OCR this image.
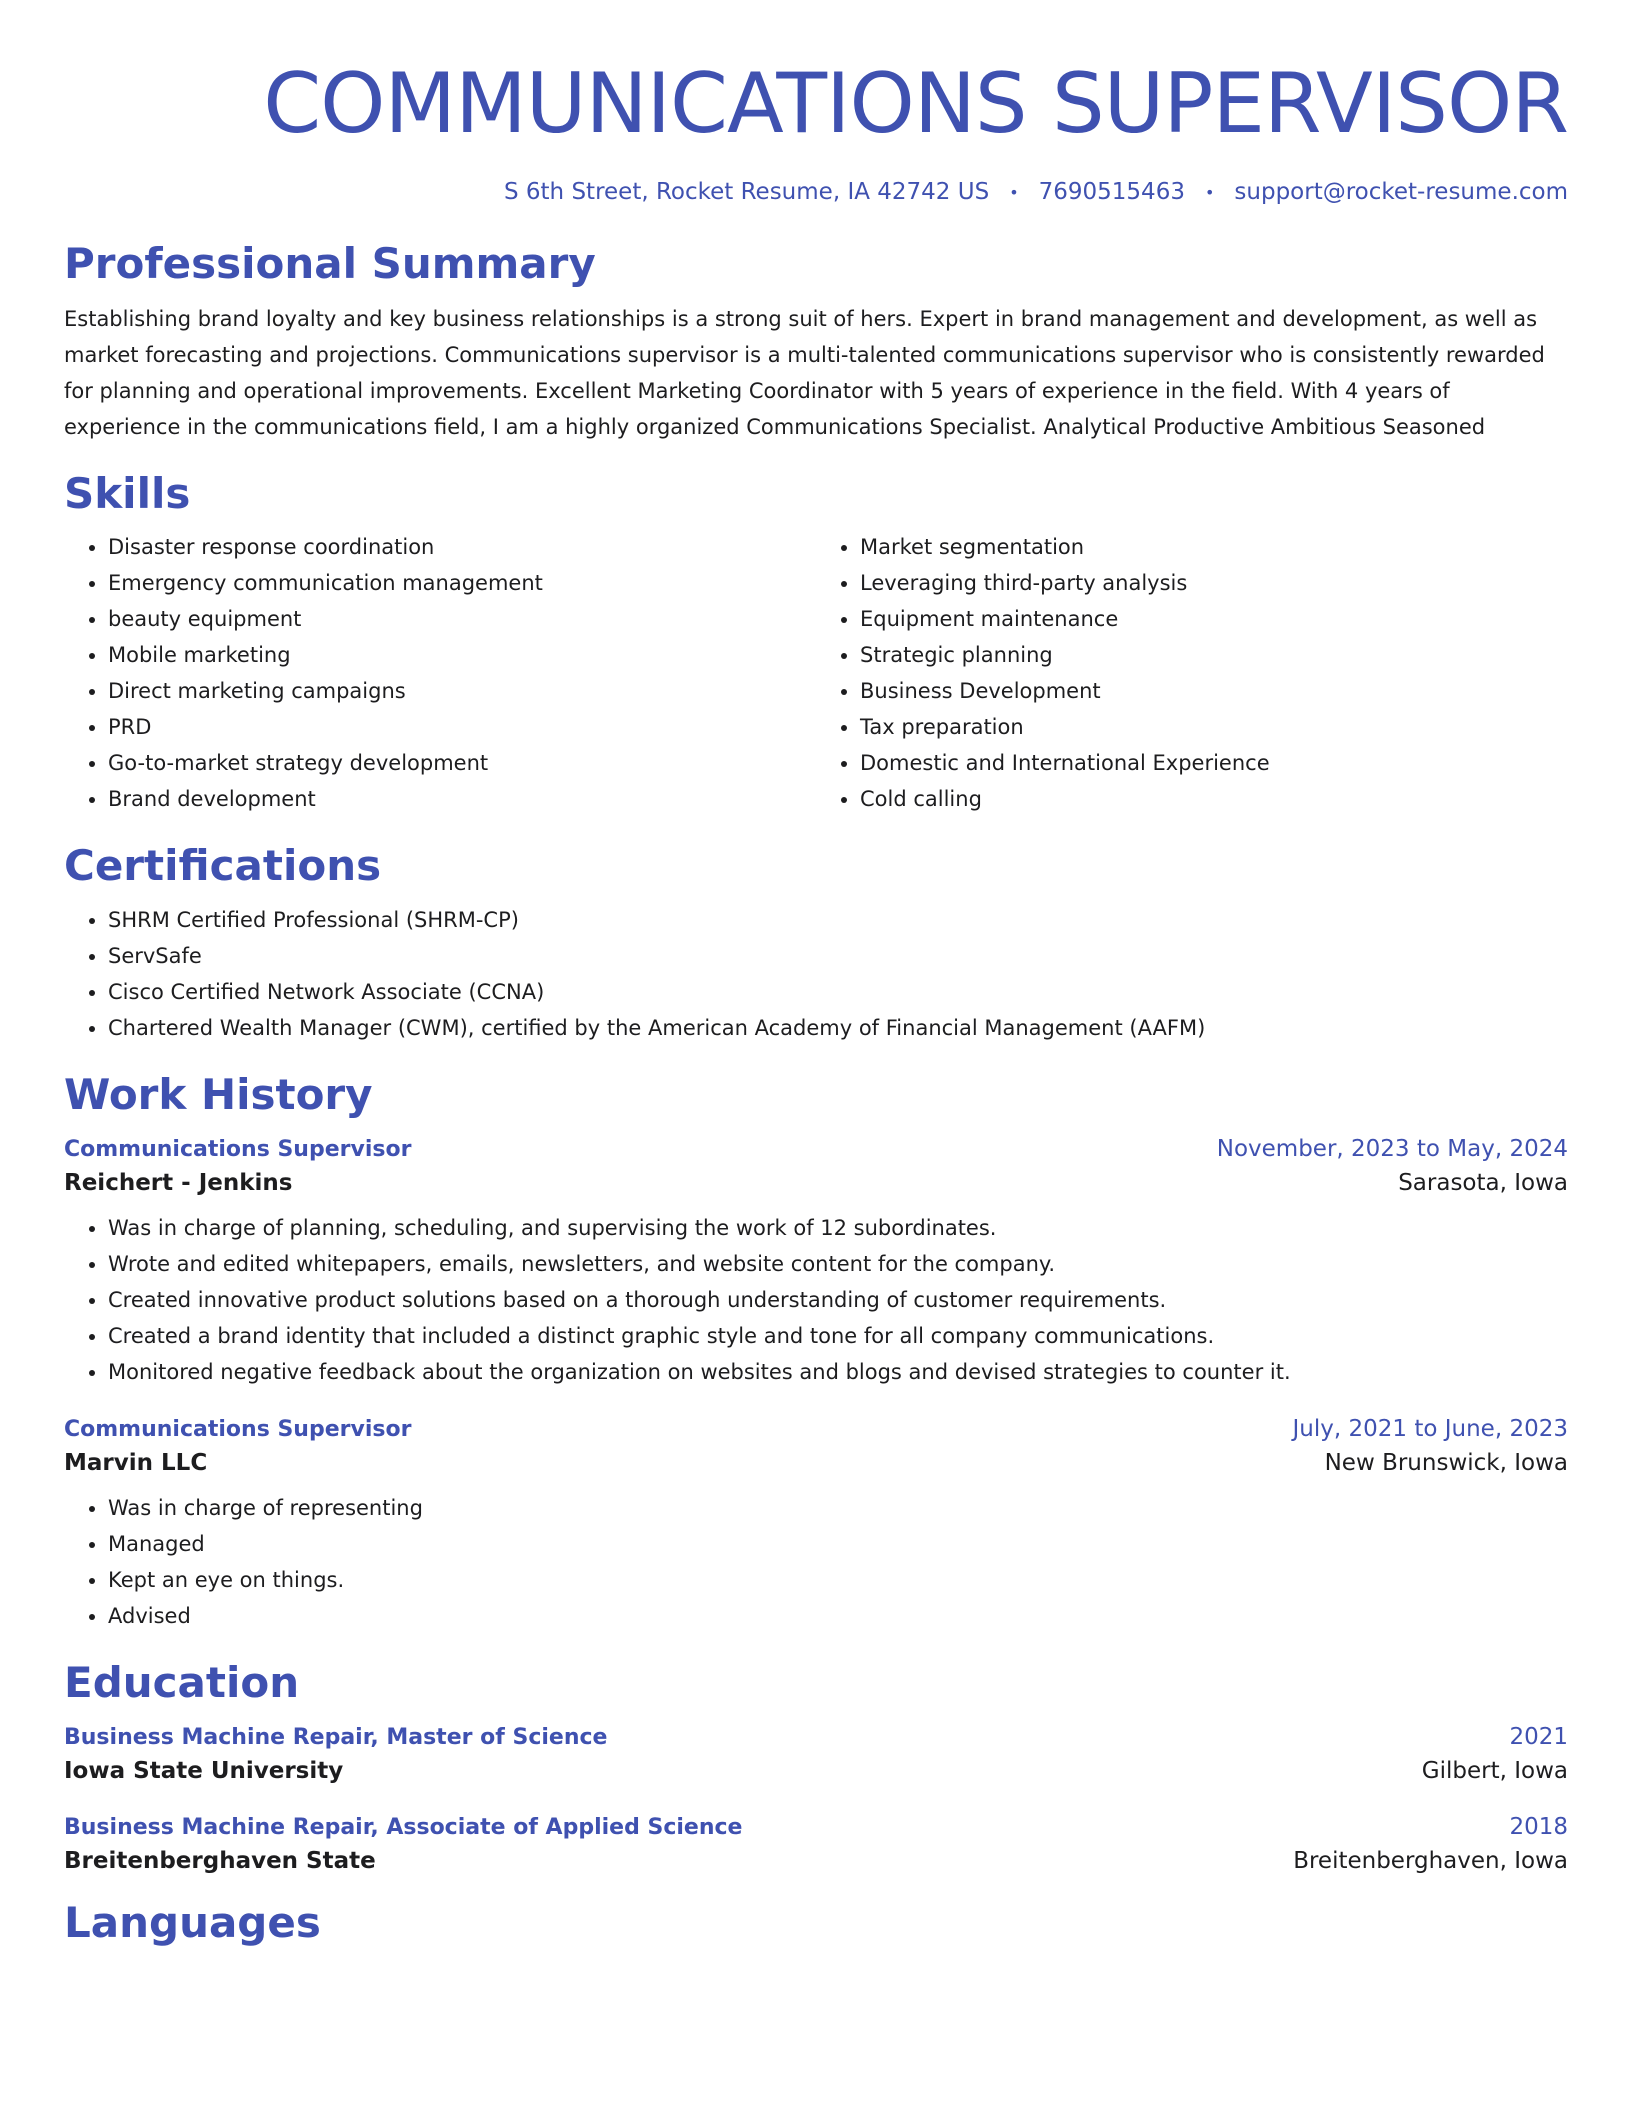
COMMUNICATIONS SUPERVISOR
S 6th Street, Rocket Resume, IA 42742 US • 7690515463 • support@rocket-resume.com
Professional Summary

Establishing brand loyalty and key business relationships is a strong suit of hers. Expert in brand management and development, as well as market forecasting and projections. Communications supervisor is a multi-talented communications supervisor who is consistently rewarded for planning and operational improvements. Excellent Marketing Coordinator with 5 years of experience in the field. With 4 years of experience in the communications field, I am a highly organized Communications Specialist. Analytical Productive Ambitious Seasoned

Skills
• Disaster response coordination
• Emergency communication management
• beauty equipment
• Mobile marketing
• Direct marketing campaigns
• PRD
• Go-to-market strategy development
• Brand development
• Market segmentation
• Leveraging third-party analysis
• Equipment maintenance
• Strategic planning
• Business Development
• Tax preparation
• Domestic and International Experience
• Cold calling
Certifications
• SHRM Certified Professional (SHRM-CP)
• ServSafe
• Cisco Certified Network Associate (CCNA)
• Chartered Wealth Manager (CWM), certified by the American Academy of Financial Management (AAFM)
Work History
Communications Supervisor	November, 2023 to May, 2024
Reichert - Jenkins	Sarasota, Iowa
• Was in charge of planning, scheduling, and supervising the work of 12 subordinates.
• Wrote and edited whitepapers, emails, newsletters, and website content for the company.
• Created innovative product solutions based on a thorough understanding of customer requirements.
• Created a brand identity that included a distinct graphic style and tone for all company communications.
• Monitored negative feedback about the organization on websites and blogs and devised strategies to counter it.
Communications Supervisor	July, 2021 to June, 2023
Marvin LLC	New Brunswick, Iowa
• Was in charge of representing
• Managed
• Kept an eye on things.
• Advised
Education
Business Machine Repair, Master of Science	2021
Iowa State University	Gilbert, Iowa
Business Machine Repair, Associate of Applied Science	2018
Breitenberghaven State	Breitenberghaven, Iowa
Languages
